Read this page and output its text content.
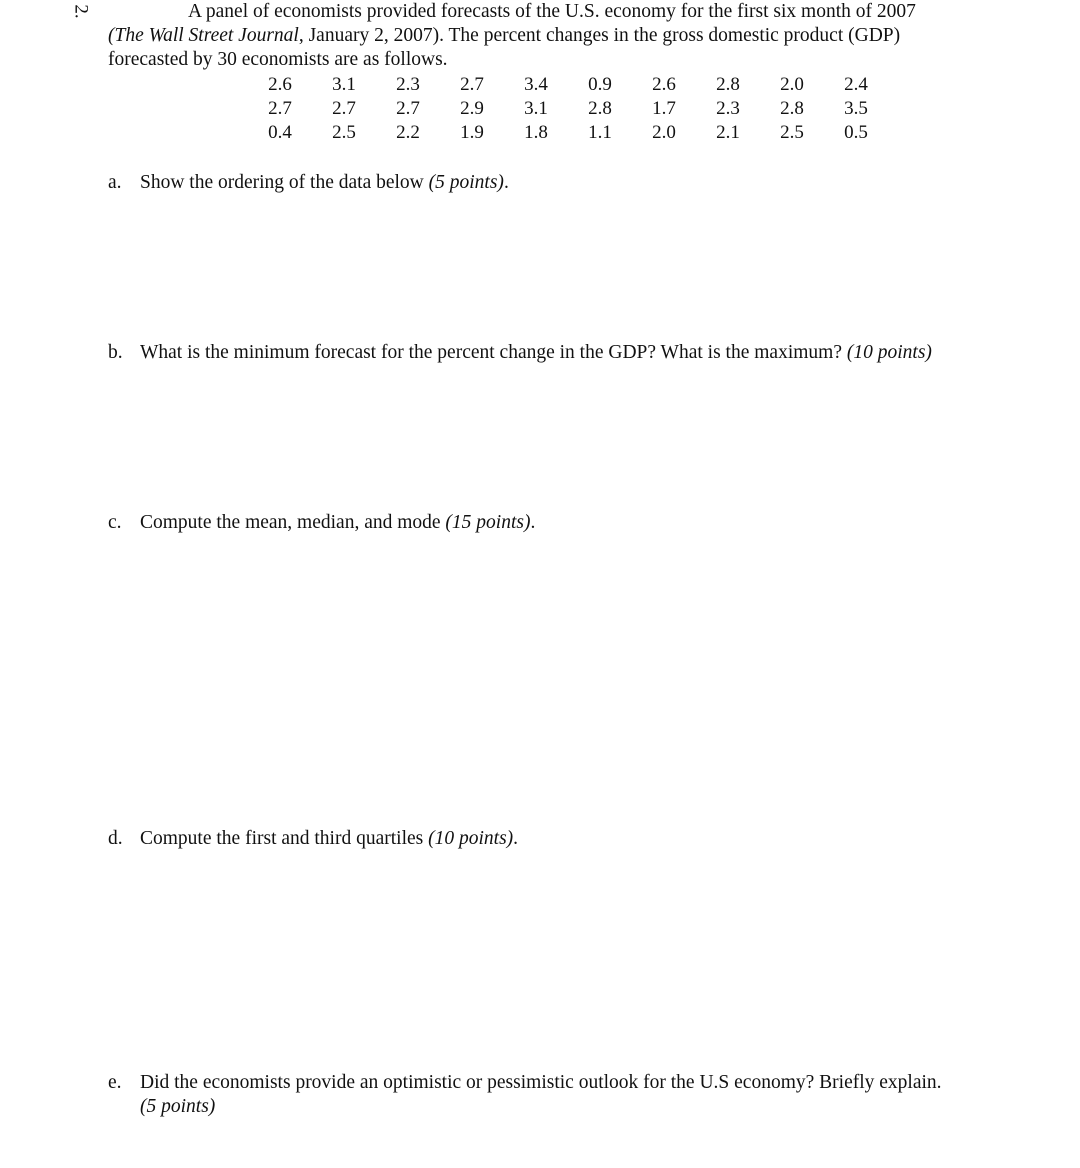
2.	A panel of economists provided forecasts of the U.S. economy for the first six month of 2007
(The Wall Street Journal, January 2, 2007). The percent changes in the gross domestic product (GDP)
forecasted by 30 economists are as follows.
2.6	3.1	2.3	2.7	3.4	0.9	2.6	2.8	2.0	2.4
2.7	2.7	2.7	2.9	3.1	2.8	1.7	2.3	2.8	3.5
0.4	2.5	2.2	1.9	1.8	1.1	2.0	2.1	2.5	0.5
a. Show the ordering of the data below (5 points).
b. What is the minimum forecast for the percent change in the GDP? What is the maximum? (10 points)
c. Compute the mean, median, and mode (15 points).
d. Compute the first and third quartiles (10 points).
e. Did the economists provide an optimistic or pessimistic outlook for the U.S economy? Briefly explain.
(5 points)
